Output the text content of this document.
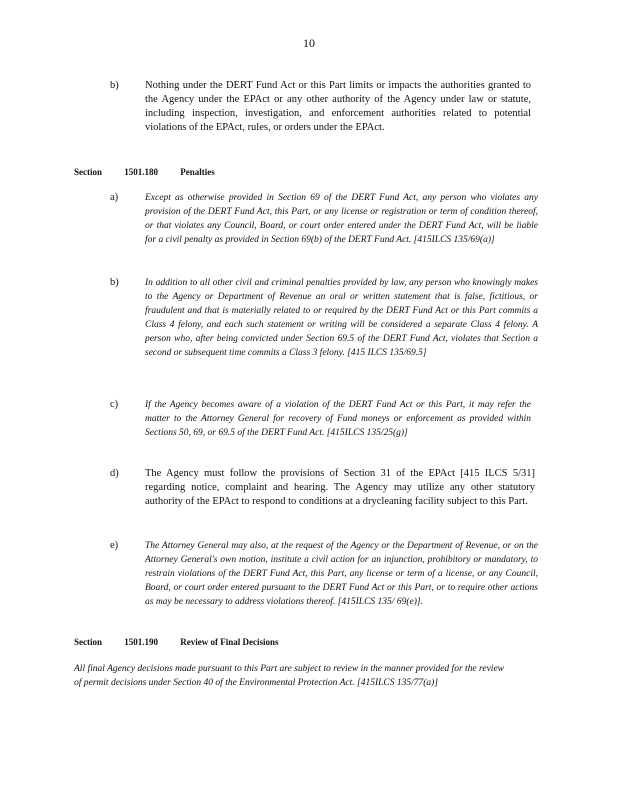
10
b)	Nothing under the DERT Fund Act or this Part limits or impacts the authorities granted to the Agency under the EPAct or any other authority of the Agency under law or statute, including inspection, investigation, and enforcement authorities related to potential violations of the EPAct, rules, or orders under the EPAct.
Section 1501.180 Penalties
a)	Except as otherwise provided in Section 69 of the DERT Fund Act, any person who violates any provision of the DERT Fund Act, this Part, or any license or registration or term of condition thereof, or that violates any Council, Board, or court order entered under the DERT Fund Act, will be liable for a civil penalty as provided in Section 69(b) of the DERT Fund Act. [415ILCS 135/69(a)]
b)	In addition to all other civil and criminal penalties provided by law, any person who knowingly makes to the Agency or Department of Revenue an oral or written statement that is false, fictitious, or fraudulent and that is materially related to or required by the DERT Fund Act or this Part commits a Class 4 felony, and each such statement or writing will be considered a separate Class 4 felony. A person who, after being convicted under Section 69.5 of the DERT Fund Act, violates that Section a second or subsequent time commits a Class 3 felony. [415 ILCS 135/69.5]
c)	If the Agency becomes aware of a violation of the DERT Fund Act or this Part, it may refer the matter to the Attorney General for recovery of Fund moneys or enforcement as provided within Sections 50, 69, or 69.5 of the DERT Fund Act. [415ILCS 135/25(g)]
d)	The Agency must follow the provisions of Section 31 of the EPAct [415 ILCS 5/31] regarding notice, complaint and hearing. The Agency may utilize any other statutory authority of the EPAct to respond to conditions at a drycleaning facility subject to this Part.
e)	The Attorney General may also, at the request of the Agency or the Department of Revenue, or on the Attorney General's own motion, institute a civil action for an injunction, prohibitory or mandatory, to restrain violations of the DERT Fund Act, this Part, any license or term of a license, or any Council, Board, or court order entered pursuant to the DERT Fund Act or this Part, or to require other actions as may be necessary to address violations thereof. [415ILCS 135/ 69(e)].
Section 1501.190 Review of Final Decisions
All final Agency decisions made pursuant to this Part are subject to review in the manner provided for the review of permit decisions under Section 40 of the Environmental Protection Act. [415ILCS 135/77(a)]
